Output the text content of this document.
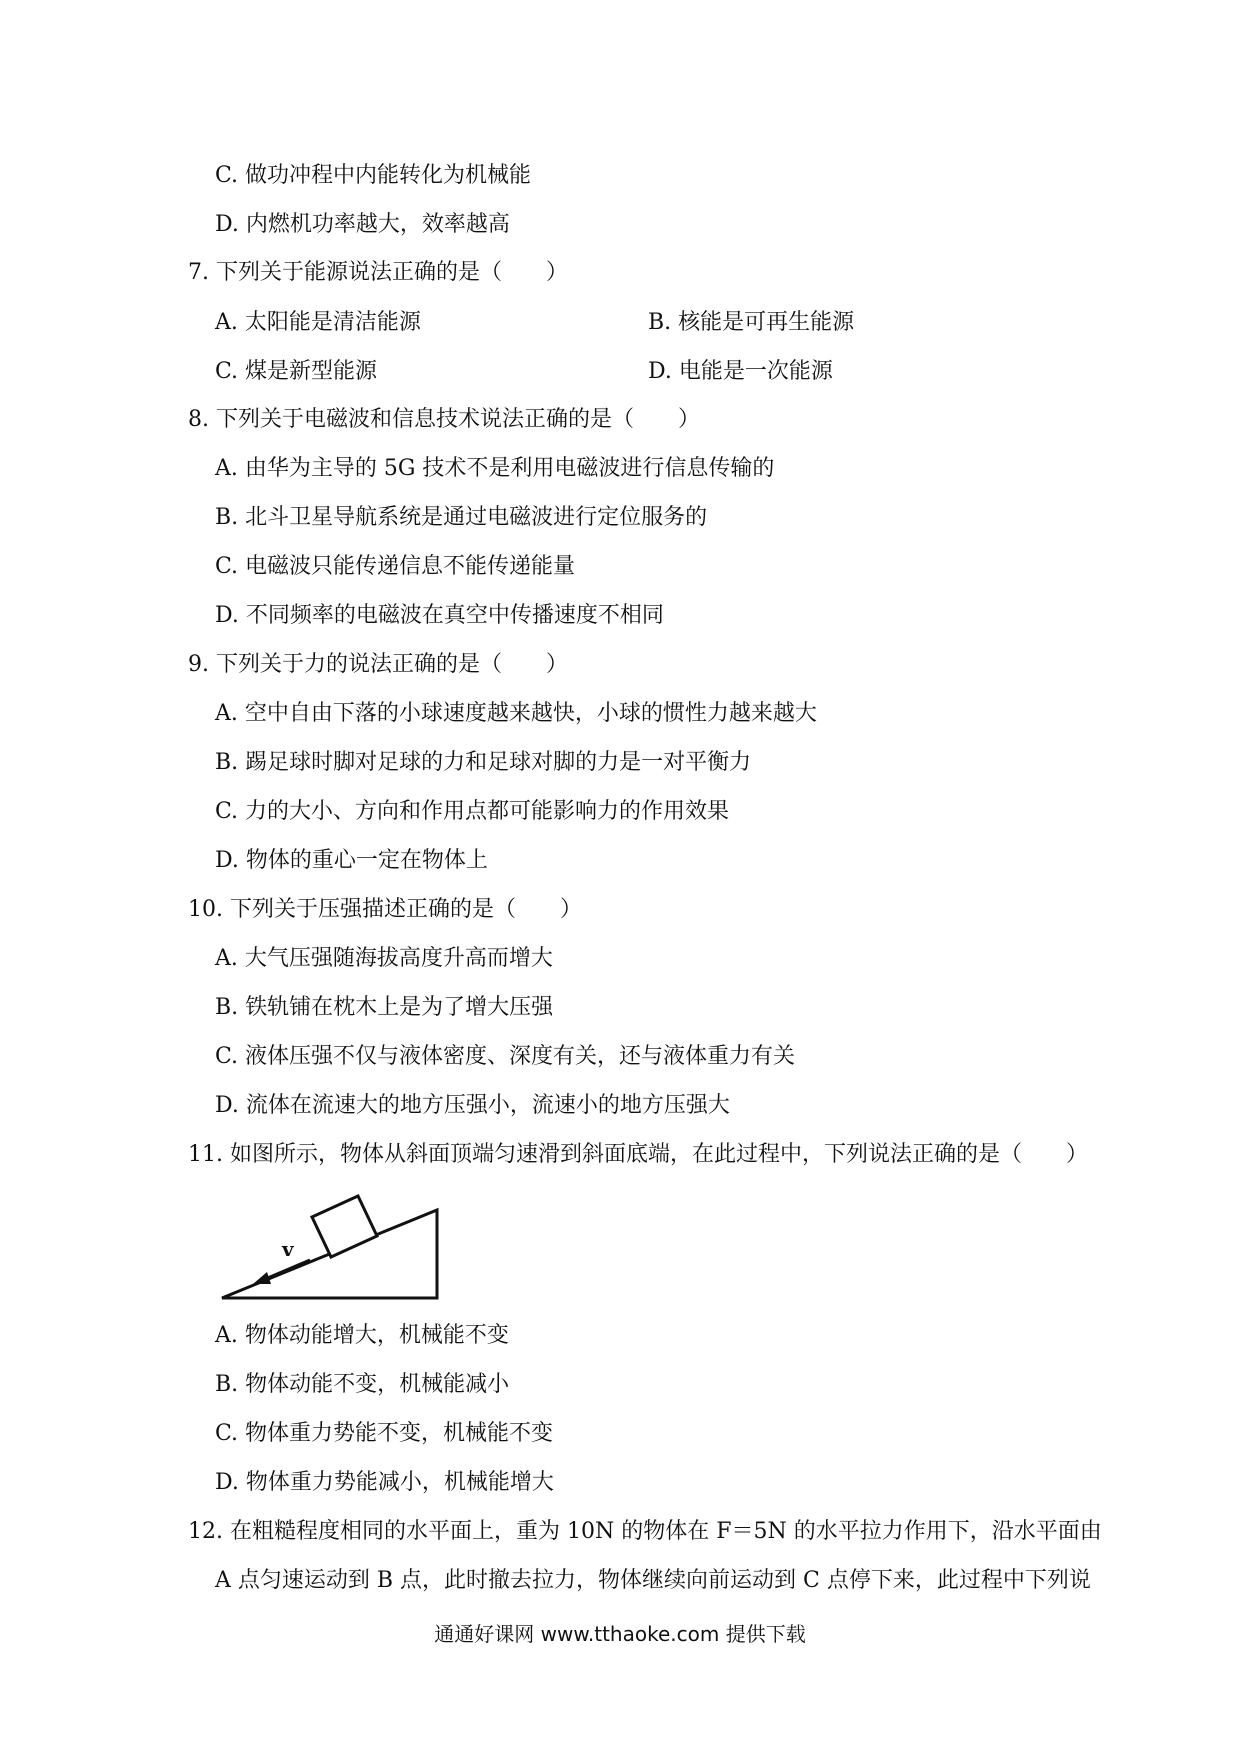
C. 做功冲程中内能转化为机械能
D. 内燃机功率越大，效率越高
7. 下列关于能源说法正确的是（　　）
A. 太阳能是清洁能源	B. 核能是可再生能源
C. 煤是新型能源	D. 电能是一次能源
8. 下列关于电磁波和信息技术说法正确的是（　　）
A. 由华为主导的 5G 技术不是利用电磁波进行信息传输的
B. 北斗卫星导航系统是通过电磁波进行定位服务的
C. 电磁波只能传递信息不能传递能量
D. 不同频率的电磁波在真空中传播速度不相同
9. 下列关于力的说法正确的是（　　）
A. 空中自由下落的小球速度越来越快，小球的惯性力越来越大
B. 踢足球时脚对足球的力和足球对脚的力是一对平衡力
C. 力的大小、方向和作用点都可能影响力的作用效果
D. 物体的重心一定在物体上
10. 下列关于压强描述正确的是（　　）
A. 大气压强随海拔高度升高而增大
B. 铁轨铺在枕木上是为了增大压强
C. 液体压强不仅与液体密度、深度有关，还与液体重力有关
D. 流体在流速大的地方压强小，流速小的地方压强大
11. 如图所示，物体从斜面顶端匀速滑到斜面底端，在此过程中，下列说法正确的是（　　）
v
A. 物体动能增大，机械能不变
B. 物体动能不变，机械能减小
C. 物体重力势能不变，机械能不变
D. 物体重力势能减小，机械能增大
12. 在粗糙程度相同的水平面上，重为 10N 的物体在 F＝5N 的水平拉力作用下，沿水平面由
A 点匀速运动到 B 点，此时撤去拉力，物体继续向前运动到 C 点停下来，此过程中下列说
通通好课网 www.tthaoke.com 提供下载
